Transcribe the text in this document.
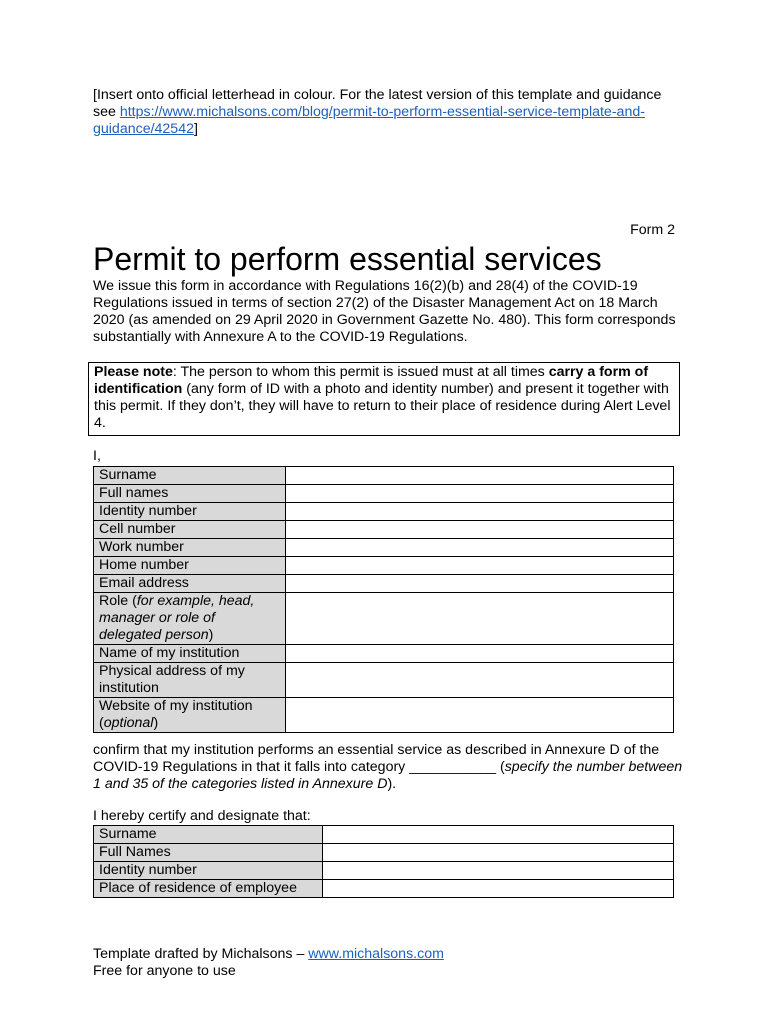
[Insert onto official letterhead in colour. For the latest version of this template and guidance see https://www.michalsons.com/blog/permit-to-perform-essential-service-template-and-guidance/42542]
Form 2
Permit to perform essential services
We issue this form in accordance with Regulations 16(2)(b) and 28(4) of the COVID-19 Regulations issued in terms of section 27(2) of the Disaster Management Act on 18 March 2020 (as amended on 29 April 2020 in Government Gazette No. 480). This form corresponds substantially with Annexure A to the COVID-19 Regulations.
Please note: The person to whom this permit is issued must at all times carry a form of identification (any form of ID with a photo and identity number) and present it together with this permit. If they don’t, they will have to return to their place of residence during Alert Level 4.
I,
Surname	
Full names	
Identity number	
Cell number	
Work number	
Home number	
Email address	
Role (for example, head, manager or role of delegated person)	
Name of my institution	
Physical address of my institution	
Website of my institution (optional)	
confirm that my institution performs an essential service as described in Annexure D of the COVID-19 Regulations in that it falls into category ___________ (specify the number between 1 and 35 of the categories listed in Annexure D).
I hereby certify and designate that:
Surname	
Full Names	
Identity number	
Place of residence of employee	
Template drafted by Michalsons – www.michalsons.com
Free for anyone to use
